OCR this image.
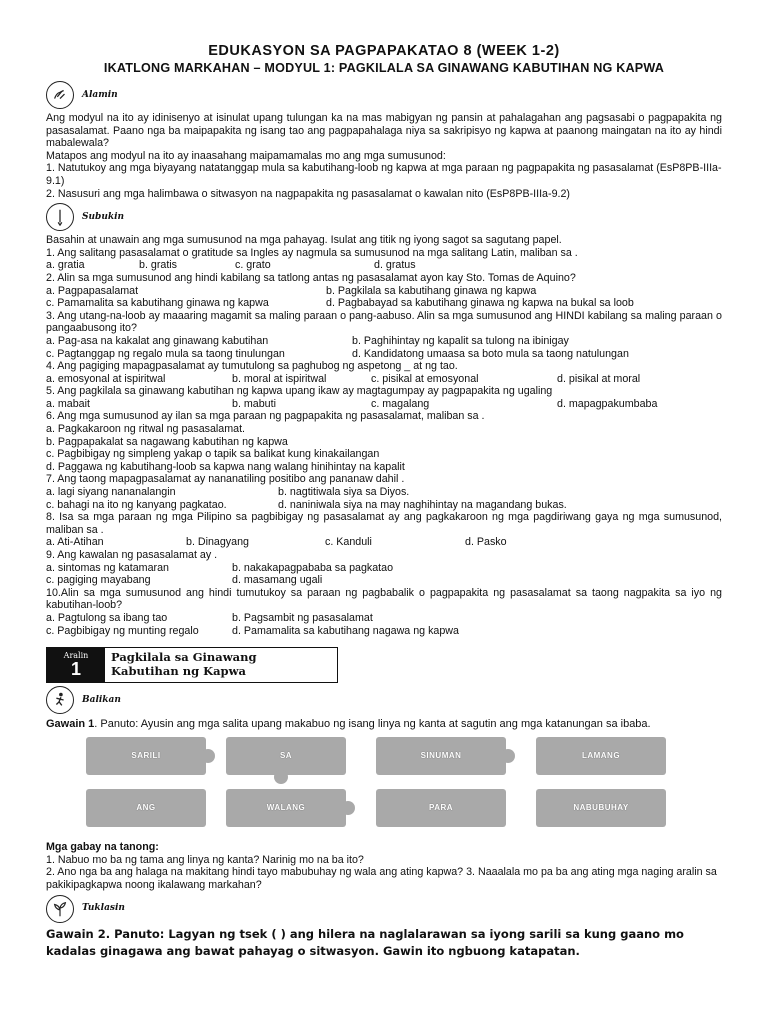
EDUKASYON SA PAGPAPAKATAO 8 (WEEK 1-2)
IKATLONG MARKAHAN – MODYUL 1: PAGKILALA SA GINAWANG KABUTIHAN NG KAPWA
Alamin

Ang modyul na ito ay idinisenyo at isinulat upang tulungan ka na mas mabigyan ng pansin at pahalagahan ang pagsasabi o pagpapakita ng pasasalamat. Paano nga ba maipapakita ng isang tao ang pagpapahalaga niya sa sakripisyo ng kapwa at paanong maingatan na ito ay hindi mabalewala?

Matapos ang modyul na ito ay inaasahang maipamamalas mo ang mga sumusunod:

1. Natutukoy ang mga biyayang natatanggap mula sa kabutihang-loob ng kapwa at mga paraan ng pagpapakita ng pasasalamat (EsP8PB-IIIa-9.1)

2. Nasusuri ang mga halimbawa o sitwasyon na nagpapakita ng pasasalamat o kawalan nito (EsP8PB-IIIa-9.2)

Subukin

Basahin at unawain ang mga sumusunod na mga pahayag. Isulat ang titik ng iyong sagot sa sagutang papel.

1. Ang salitang pasasalamat o gratitude sa Ingles ay nagmula sa sumusunod na mga salitang Latin, maliban sa .

a. gratia	b. gratis	c. grato	d. gratus

2. Alin sa mga sumusunod ang hindi kabilang sa tatlong antas ng pasasalamat ayon kay Sto. Tomas de Aquino?

a. Pagpapasalamat	b. Pagkilala sa kabutihang ginawa ng kapwa
c. Pamamalita sa kabutihang ginawa ng kapwa	d. Pagbabayad sa kabutihang ginawa ng kapwa na bukal sa loob

3. Ang utang-na-loob ay maaaring magamit sa maling paraan o pang-aabuso. Alin sa mga sumusunod ang HINDI kabilang sa maling paraan o pangaabusong ito?

a. Pag-asa na kakalat ang ginawang kabutihan	b. Paghihintay ng kapalit sa tulong na ibinigay
c. Pagtanggap ng regalo mula sa taong tinulungan	d. Kandidatong umaasa sa boto mula sa taong natulungan

4. Ang pagiging mapagpasalamat ay tumutulong sa paghubog ng aspetong _ at ng tao.

a. emosyonal at ispiritwal	b. moral at ispiritwal	c. pisikal at emosyonal	d. pisikal at moral

5. Ang pagkilala sa ginawang kabutihan ng kapwa upang ikaw ay magtagumpay ay pagpapakita ng ugaling

a. mabait	b. mabuti	c. magalang	d. mapagpakumbaba

6. Ang mga sumusunod ay ilan sa mga paraan ng pagpapakita ng pasasalamat, maliban sa .

a. Pagkakaroon ng ritwal ng pasasalamat.

b. Pagpapakalat sa nagawang kabutihan ng kapwa

c. Pagbibigay ng simpleng yakap o tapik sa balikat kung kinakailangan

d. Paggawa ng kabutihang-loob sa kapwa nang walang hinihintay na kapalit

7. Ang taong mapagpasalamat ay nananatiling positibo ang pananaw dahil .

a. lagi siyang nananalangin	b. nagtitiwala siya sa Diyos.
c. bahagi na ito ng kanyang pagkatao.	d. naniniwala siya na may naghihintay na magandang bukas.

8. Isa sa mga paraan ng mga Pilipino sa pagbibigay ng pasasalamat ay ang pagkakaroon ng mga pagdiriwang gaya ng mga sumusunod, maliban sa .

a. Ati-Atihan	b. Dinagyang	c. Kanduli	d. Pasko

9. Ang kawalan ng pasasalamat ay .

a. sintomas ng katamaran	b. nakakapagpababa sa pagkatao
c. pagiging mayabang	d. masamang ugali

10.Alin sa mga sumusunod ang hindi tumutukoy sa paraan ng pagbabalik o pagpapakita ng pasasalamat sa taong nagpakita sa iyo ng kabutihan-loob?

a. Pagtulong sa ibang tao	b. Pagsambit ng pasasalamat
c. Pagbibigay ng munting regalo	d. Pamamalita sa kabutihang nagawa ng kapwa
Aralin
1
Pagkilala sa Ginawang
Kabutihan ng Kapwa
Balikan

Gawain 1. Panuto: Ayusin ang mga salita upang makabuo ng isang linya ng kanta at sagutin ang mga katanungan sa ibaba.

SARILI	SA	SINUMAN	LAMANG
ANG	WALANG	PARA	NABUBUHAY

Mga gabay na tanong:

1. Nabuo mo ba ng tama ang linya ng kanta? Narinig mo na ba ito?

2. Ano nga ba ang halaga na makitang hindi tayo mabubuhay ng wala ang ating kapwa? 3. Naaalala mo pa ba ang ating mga naging aralin sa pakikipagkapwa noong ikalawang markahan?

Tuklasin

Gawain 2. Panuto: Lagyan ng tsek ( ) ang hilera na naglalarawan sa iyong sarili sa kung gaano mo kadalas ginagawa ang bawat pahayag o sitwasyon. Gawin ito ngbuong katapatan.
